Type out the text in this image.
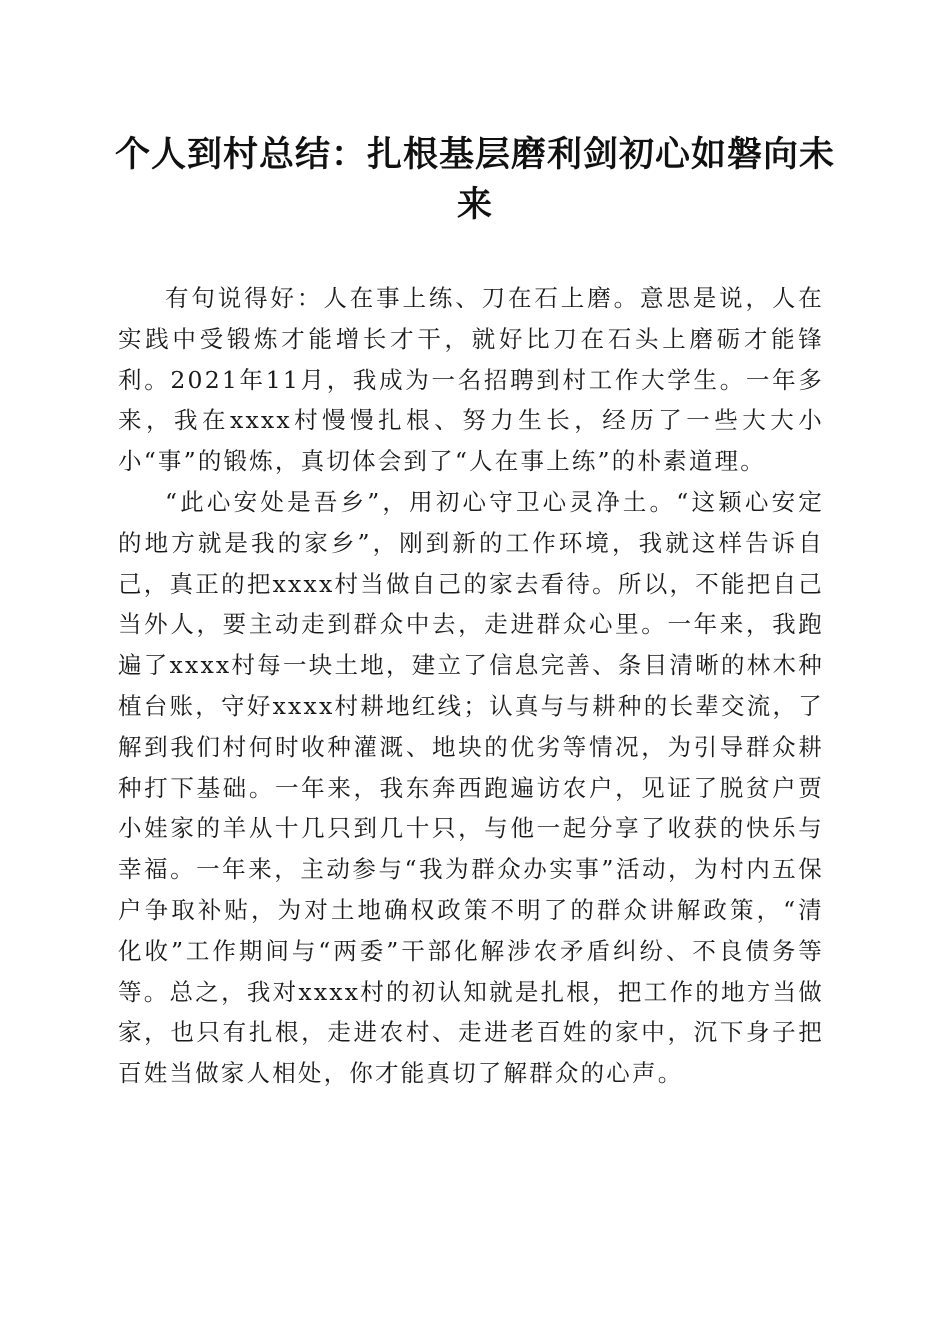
个人到村总结：扎根基层磨利剑初心如磐向未来

有句说得好：人在事上练、刀在石上磨。意思是说，人在实践中受锻炼才能增长才干，就好比刀在石头上磨砺才能锋利。2021年11月，我成为一名招聘到村工作大学生。一年多来，我在xxxx村慢慢扎根、努力生长，经历了一些大大小小“事”的锻炼，真切体会到了“人在事上练”的朴素道理。

“此心安处是吾乡”，用初心守卫心灵净土。“这颖心安定的地方就是我的家乡”，刚到新的工作环境，我就这样告诉自己，真正的把xxxx村当做自己的家去看待。所以，不能把自己当外人，要主动走到群众中去，走进群众心里。一年来，我跑遍了xxxx村每一块土地，建立了信息完善、条目清晰的林木种植台账，守好xxxx村耕地红线；认真与与耕种的长辈交流，了解到我们村何时收种灌溉、地块的优劣等情况，为引导群众耕种打下基础。一年来，我东奔西跑遍访农户，见证了脱贫户贾小娃家的羊从十几只到几十只，与他一起分享了收获的快乐与幸福。一年来，主动参与“我为群众办实事”活动，为村内五保户争取补贴，为对土地确权政策不明了的群众讲解政策，“清化收”工作期间与“两委”干部化解涉农矛盾纠纷、不良债务等等。总之，我对xxxx村的初认知就是扎根，把工作的地方当做家，也只有扎根，走进农村、走进老百姓的家中，沉下身子把百姓当做家人相处，你才能真切了解群众的心声。
